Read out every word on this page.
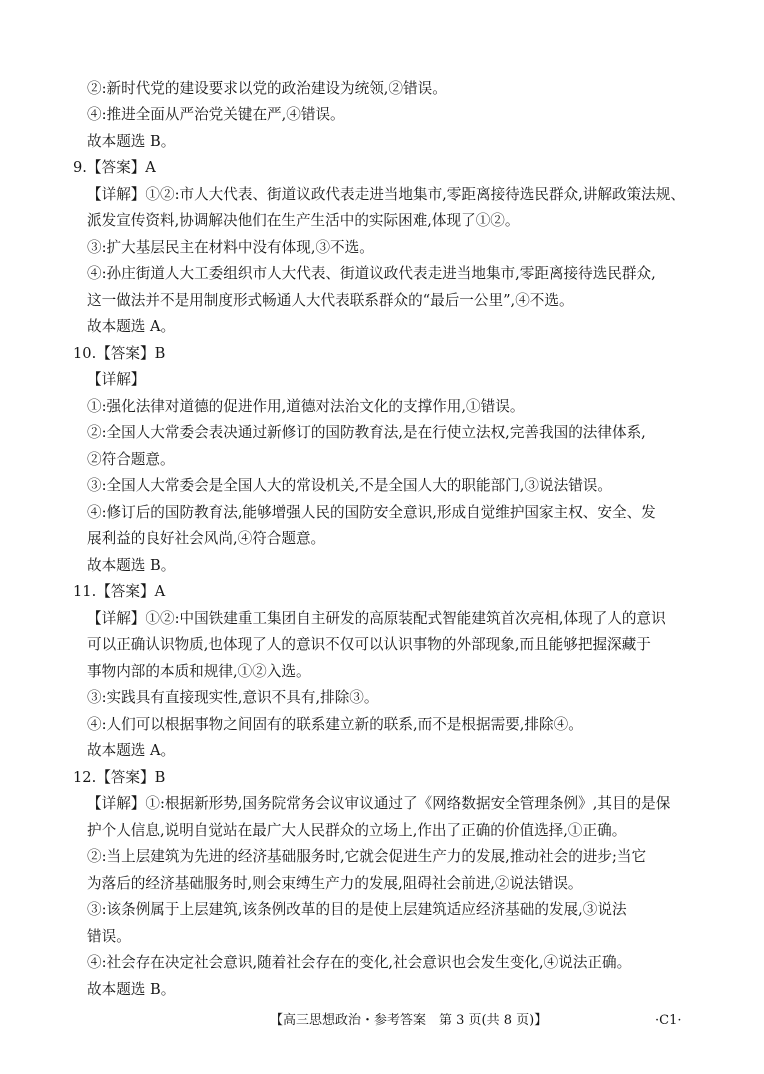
②:新时代党的建设要求以党的政治建设为统领,②错误。
④:推进全面从严治党关键在严,④错误。
故本题选 B。
9.【答案】A
【详解】①②:市人大代表、街道议政代表走进当地集市,零距离接待选民群众,讲解政策法规、
派发宣传资料,协调解决他们在生产生活中的实际困难,体现了①②。
③:扩大基层民主在材料中没有体现,③不选。
④:孙庄街道人大工委组织市人大代表、街道议政代表走进当地集市,零距离接待选民群众,
这一做法并不是用制度形式畅通人大代表联系群众的“最后一公里”,④不选。
故本题选 A。
10.【答案】B
【详解】
①:强化法律对道德的促进作用,道德对法治文化的支撑作用,①错误。
②:全国人大常委会表决通过新修订的国防教育法,是在行使立法权,完善我国的法律体系,
②符合题意。
③:全国人大常委会是全国人大的常设机关,不是全国人大的职能部门,③说法错误。
④:修订后的国防教育法,能够增强人民的国防安全意识,形成自觉维护国家主权、安全、发
展利益的良好社会风尚,④符合题意。
故本题选 B。
11.【答案】A
【详解】①②:中国铁建重工集团自主研发的高原装配式智能建筑首次亮相,体现了人的意识
可以正确认识物质,也体现了人的意识不仅可以认识事物的外部现象,而且能够把握深藏于
事物内部的本质和规律,①②入选。
③:实践具有直接现实性,意识不具有,排除③。
④:人们可以根据事物之间固有的联系建立新的联系,而不是根据需要,排除④。
故本题选 A。
12.【答案】B
【详解】①:根据新形势,国务院常务会议审议通过了《网络数据安全管理条例》,其目的是保
护个人信息,说明自觉站在最广大人民群众的立场上,作出了正确的价值选择,①正确。
②:当上层建筑为先进的经济基础服务时,它就会促进生产力的发展,推动社会的进步;当它
为落后的经济基础服务时,则会束缚生产力的发展,阻碍社会前进,②说法错误。
③:该条例属于上层建筑,该条例改革的目的是使上层建筑适应经济基础的发展,③说法
错误。
④:社会存在决定社会意识,随着社会存在的变化,社会意识也会发生变化,④说法正确。
故本题选 B。
【高三思想政治・参考答案　第 3 页(共 8 页)】	·C1·
